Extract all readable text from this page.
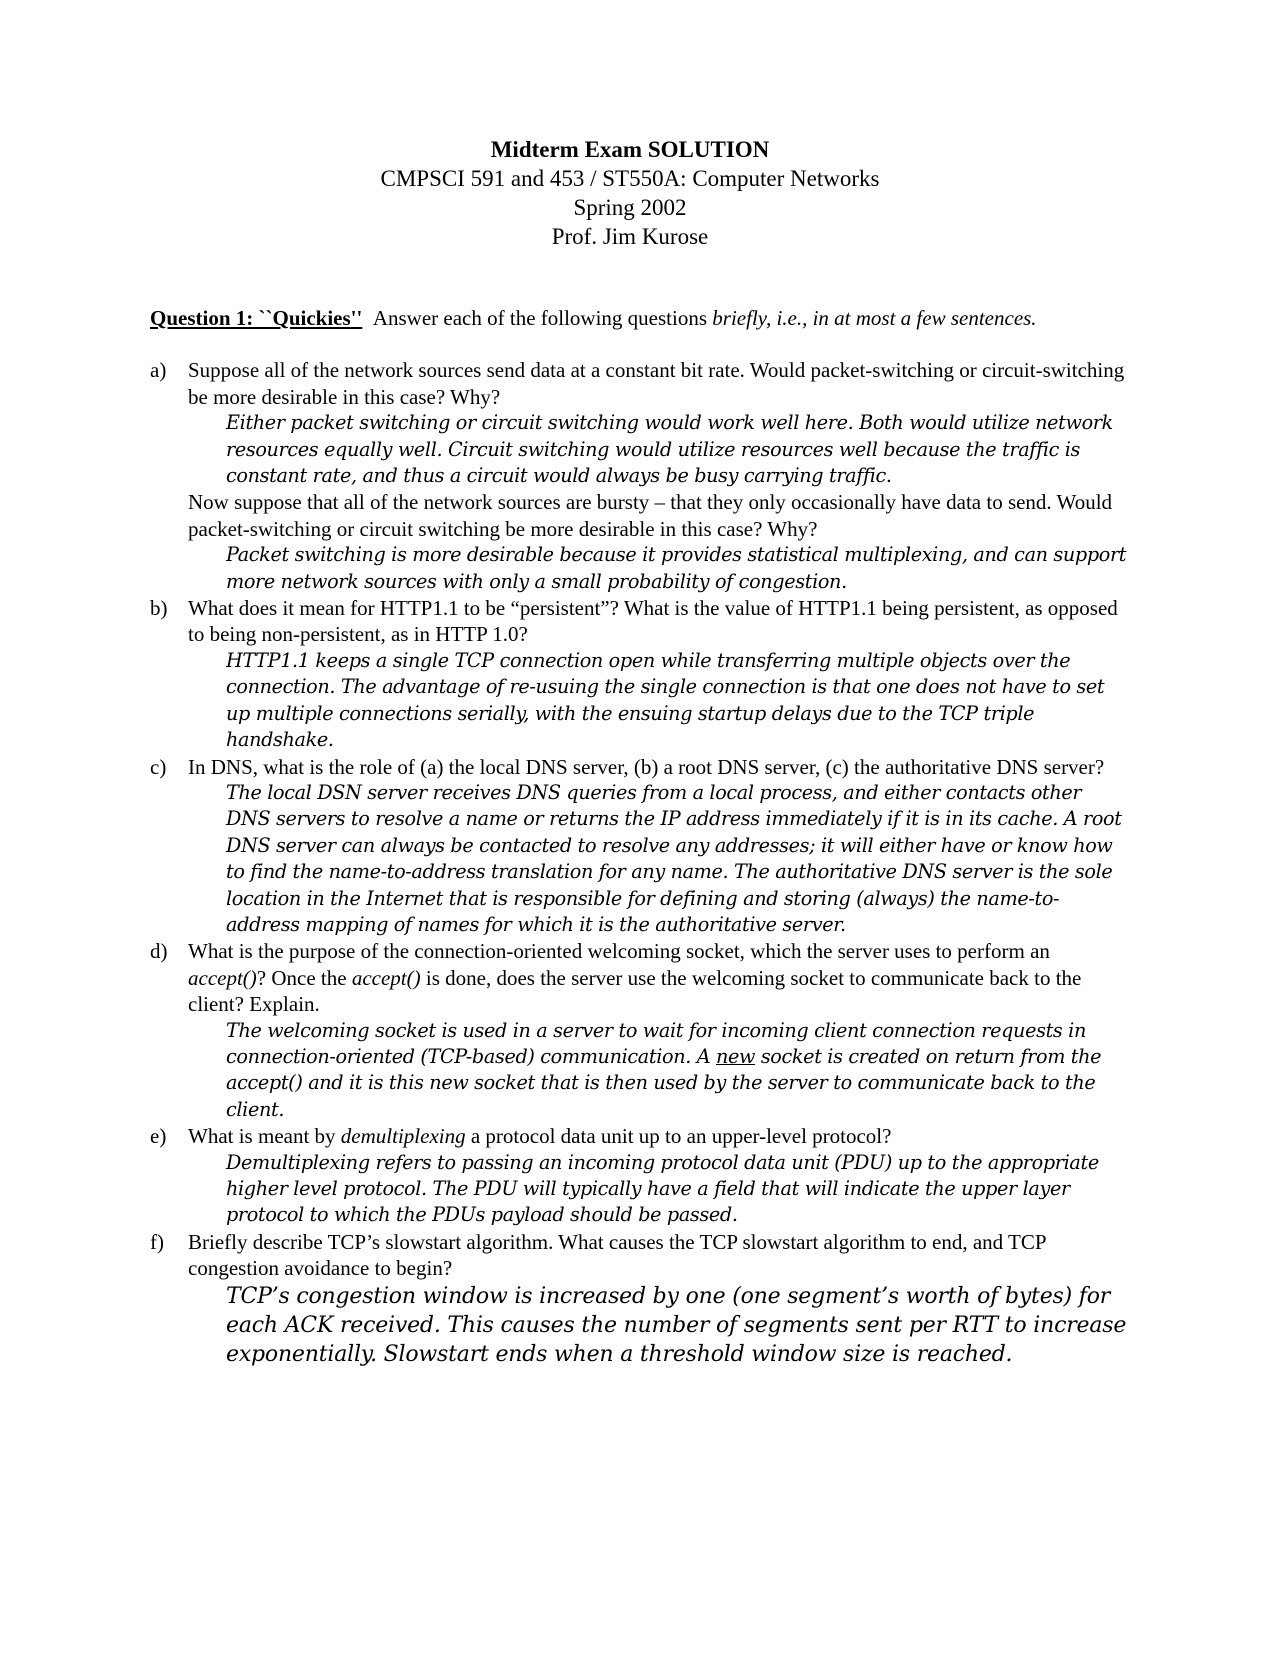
Midterm Exam SOLUTION
CMPSCI 591 and 453 / ST550A: Computer Networks
Spring 2002
Prof. Jim Kurose

Question 1: ``Quickies'' Answer each of the following questions briefly, i.e., in at most a few sentences.

a)	Suppose all of the network sources send data at a constant bit rate. Would packet-switching or circuit-switching be more desirable in this case? Why?

Either packet switching or circuit switching would work well here. Both would utilize network resources equally well. Circuit switching would utilize resources well because the traffic is constant rate, and thus a circuit would always be busy carrying traffic.

Now suppose that all of the network sources are bursty – that they only occasionally have data to send. Would packet-switching or circuit switching be more desirable in this case? Why?

Packet switching is more desirable because it provides statistical multiplexing, and can support more network sources with only a small probability of congestion.

b) What does it mean for HTTP1.1 to be “persistent”? What is the value of HTTP1.1 being persistent, as opposed to being non-persistent, as in HTTP 1.0?

HTTP1.1 keeps a single TCP connection open while transferring multiple objects over the connection. The advantage of re-usuing the single connection is that one does not have to set up multiple connections serially, with the ensuing startup delays due to the TCP triple handshake.

c)	In DNS, what is the role of (a) the local DNS server, (b) a root DNS server, (c) the authoritative DNS server?

The local DSN server receives DNS queries from a local process, and either contacts other DNS servers to resolve a name or returns the IP address immediately if it is in its cache. A root DNS server can always be contacted to resolve any addresses; it will either have or know how to find the name-to-address translation for any name. The authoritative DNS server is the sole location in the Internet that is responsible for defining and storing (always) the name-to-address mapping of names for which it is the authoritative server.

d) What is the purpose of the connection-oriented welcoming socket, which the server uses to perform an accept()? Once the accept() is done, does the server use the welcoming socket to communicate back to the client? Explain.

The welcoming socket is used in a server to wait for incoming client connection requests in connection-oriented (TCP-based) communication. A new socket is created on return from the accept() and it is this new socket that is then used by the server to communicate back to the client.

e)	What is meant by demultiplexing a protocol data unit up to an upper-level protocol?

Demultiplexing refers to passing an incoming protocol data unit (PDU) up to the appropriate higher level protocol. The PDU will typically have a field that will indicate the upper layer protocol to which the PDUs payload should be passed.

f)	Briefly describe TCP’s slowstart algorithm. What causes the TCP slowstart algorithm to end, and TCP congestion avoidance to begin?

TCP’s congestion window is increased by one (one segment’s worth of bytes) for each ACK received. This causes the number of segments sent per RTT to increase exponentially. Slowstart ends when a threshold window size is reached.
